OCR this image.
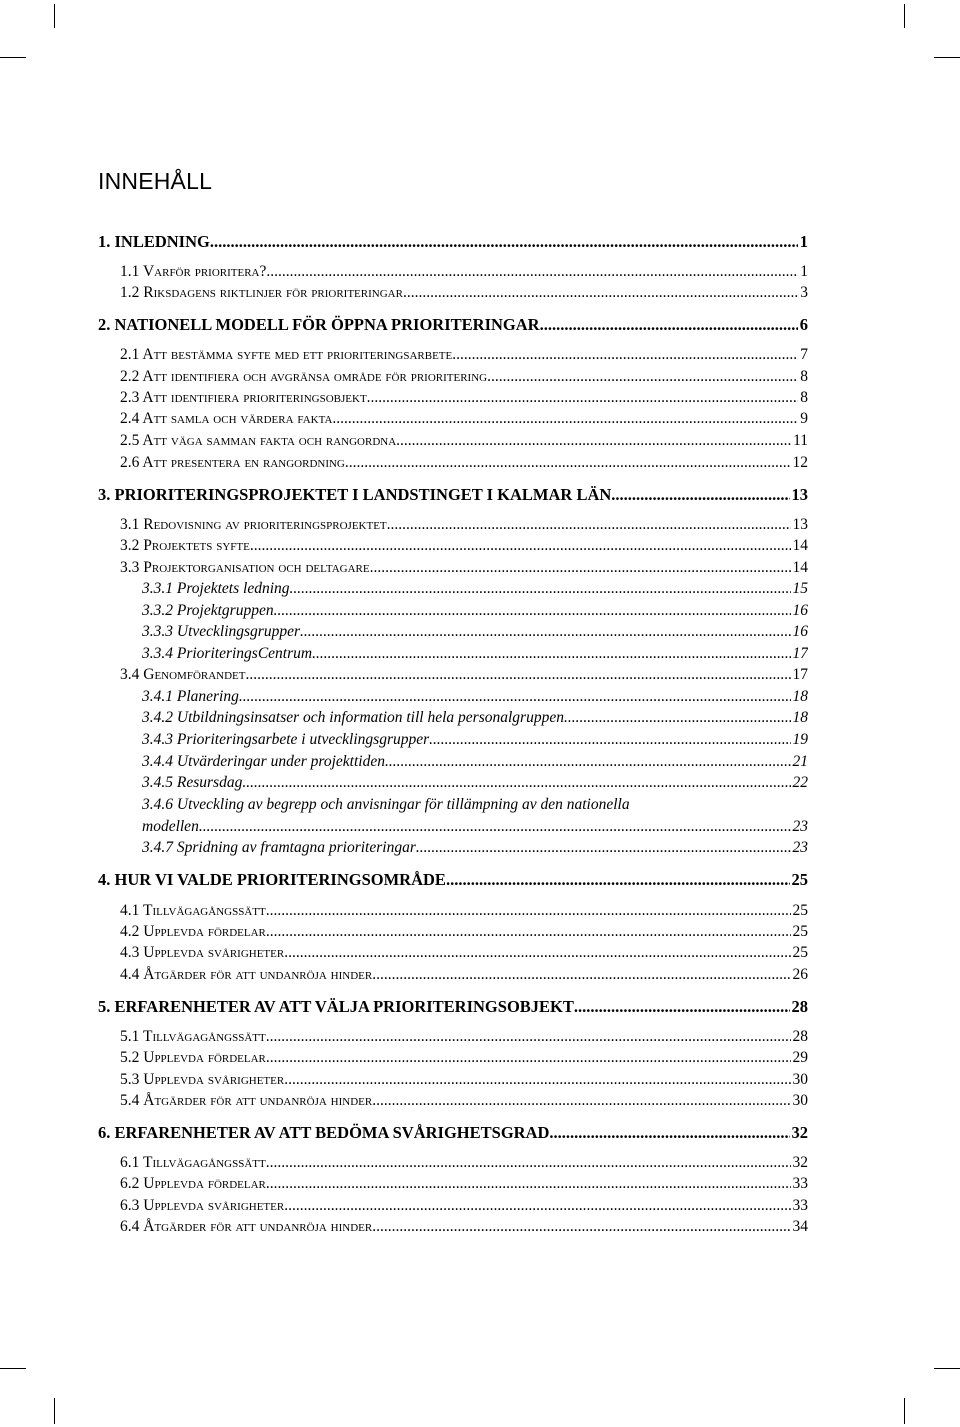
INNEHÅLL
1. INLEDNING .....	1
1.1 Varför prioritera? .....	1
1.2 Riksdagens riktlinjer för prioriteringar .....	3
2. NATIONELL MODELL FÖR ÖPPNA PRIORITERINGAR .....	6
2.1 Att bestämma syfte med ett prioriteringsarbete .....	7
2.2 Att identifiera och avgränsa område för prioritering .....	8
2.3 Att identifiera prioriteringsobjekt .....	8
2.4 Att samla och värdera fakta .....	9
2.5 Att väga samman fakta och rangordna .....	11
2.6 Att presentera en rangordning .....	12
3. PRIORITERINGSPROJEKTET I LANDSTINGET I KALMAR LÄN .....	13
3.1 Redovisning av prioriteringsprojektet .....	13
3.2 Projektets syfte .....	14
3.3 Projektorganisation och deltagare .....	14
3.3.1 Projektets ledning .....	15
3.3.2 Projektgruppen .....	16
3.3.3 Utvecklingsgrupper .....	16
3.3.4 PrioriteringsCentrum .....	17
3.4 Genomförandet .....	17
3.4.1 Planering .....	18
3.4.2 Utbildningsinsatser och information till hela personalgruppen .....	18
3.4.3 Prioriteringsarbete i utvecklingsgrupper .....	19
3.4.4 Utvärderingar under projekttiden .....	21
3.4.5 Resursdag .....	22
3.4.6 Utveckling av begrepp och anvisningar för tillämpning av den nationella
modellen. .....	23
3.4.7 Spridning av framtagna prioriteringar .....	23
4. HUR VI VALDE PRIORITERINGSOMRÅDE .....	25
4.1 Tillvägagångssätt .....	25
4.2 Upplevda fördelar .....	25
4.3 Upplevda svårigheter .....	25
4.4 Åtgärder för att undanröja hinder .....	26
5. ERFARENHETER AV ATT VÄLJA PRIORITERINGSOBJEKT .....	28
5.1 Tillvägagångssätt .....	28
5.2 Upplevda fördelar .....	29
5.3 Upplevda svårigheter .....	30
5.4 Åtgärder för att undanröja hinder .....	30
6. ERFARENHETER AV ATT BEDÖMA SVÅRIGHETSGRAD .....	32
6.1 Tillvägagångssätt .....	32
6.2 Upplevda fördelar .....	33
6.3 Upplevda svårigheter .....	33
6.4 Åtgärder för att undanröja hinder .....	34
